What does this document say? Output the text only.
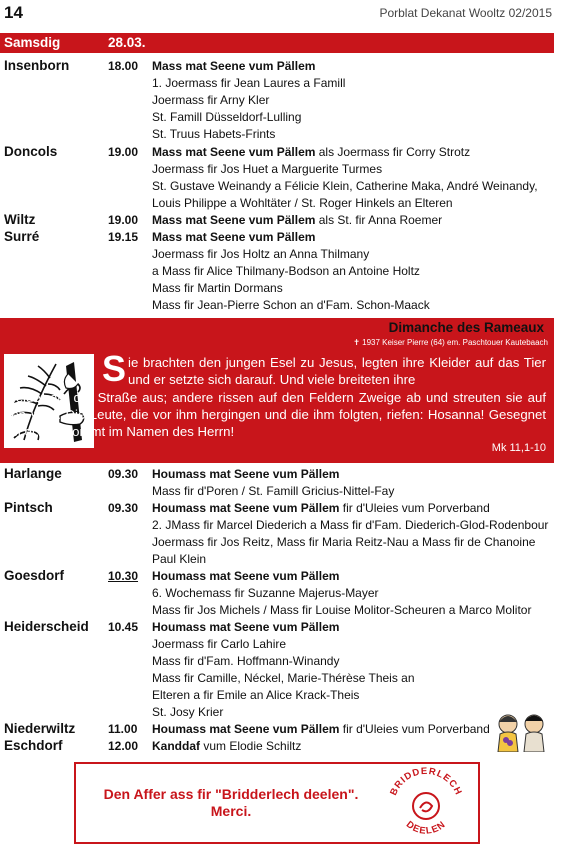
14	Porblat Dekanat Wooltz 02/2015
Samsdig	28.03.
Insenborn	18.00 Mass mat Seene vum Pällem
1. Joermass fir Jean Laures a Famill
Joermass fir Arny Kler
St. Famill Düsseldorf-Lulling
St. Truus Habets-Frints
Doncols	19.00 Mass mat Seene vum Pällem als Joermass fir Corry Strotz
Joermass fir Jos Huet a Marguerite Turmes
St. Gustave Weinandy a Félicie Klein, Catherine Maka, André Weinandy,
Louis Philippe a Wohltäter / St. Roger Hinkels an Elteren
Wiltz	19.00 Mass mat Seene vum Pällem als St. fir Anna Roemer
Surré	19.15 Mass mat Seene vum Pällem
Joermass fir Jos Holtz an Anna Thilmany
a Mass fir Alice Thilmany-Bodson an Antoine Holtz
Mass fir Martin Dormans
Mass fir Jean-Pierre Schon an d'Fam. Schon-Maack
Dimanche des Rameaux
✝ 1937 Keiser Pierre (64) em. Paschtouer Kautebaach
Sie brachten den jungen Esel zu Jesus, legten ihre Kleider auf das Tier und er setzte sich darauf. Und viele breiteten ihre
Kleider auf der Straße aus; andere rissen auf den Feldern Zweige ab und streuten sie auf den Weg. Die Leute, die vor ihm hergingen und die ihm folgten, riefen: Hosanna! Gesegnet sei er, der kommt im Namen des Herrn!
Mk 11,1-10
Harlange	09.30 Houmass mat Seene vum Pällem
Mass fir d'Poren / St. Famill Gricius-Nittel-Fay
Pintsch	09.30 Houmass mat Seene vum Pällem fir d'Uleies vum Porverband
2. JMass fir Marcel Diederich a Mass fir d'Fam. Diederich-Glod-Rodenbour
Joermass fir Jos Reitz, Mass fir Maria Reitz-Nau a Mass fir de Chanoine
Paul Klein
Goesdorf	10.30 Houmass mat Seene vum Pällem
6. Wochemass fir Suzanne Majerus-Mayer
Mass fir Jos Michels / Mass fir Louise Molitor-Scheuren a Marco Molitor
Heiderscheid 10.45 Houmass mat Seene vum Pällem
Joermass fir Carlo Lahire
Mass fir d'Fam. Hoffmann-Winandy
Mass fir Camille, Néckel, Marie-Thérèse Theis an
Elteren a fir Emile an Alice Krack-Theis
St. Josy Krier
Niederwiltz	11.00 Houmass mat Seene vum Pällem fir d'Uleies vum Porverband
Eschdorf	12.00 Kanddaf vum Elodie Schiltz
Den Affer ass fir "Bridderlech deelen".
Merci.
BRIDDERLECH
DEELEN
